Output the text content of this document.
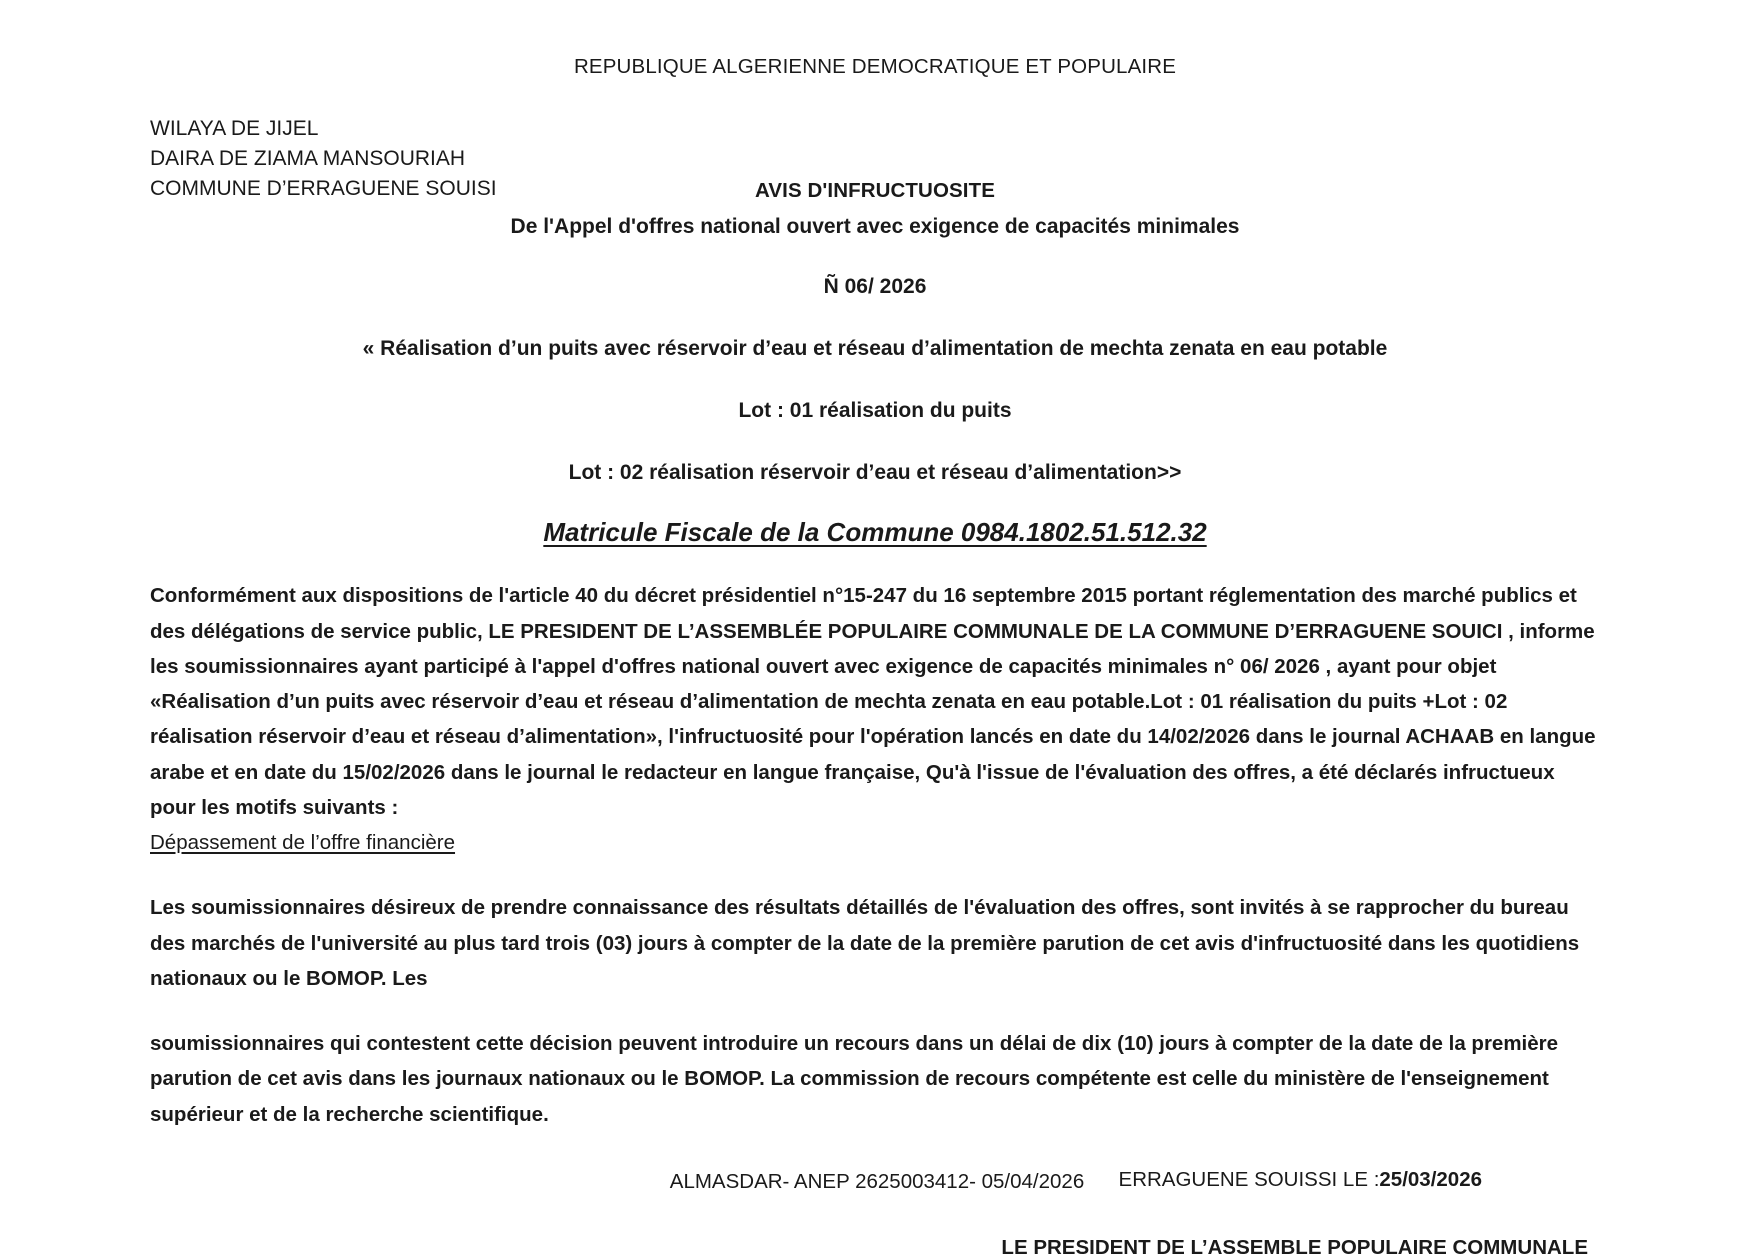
REPUBLIQUE ALGERIENNE DEMOCRATIQUE ET POPULAIRE
WILAYA DE JIJEL
DAIRA DE ZIAMA MANSOURIAH
COMMUNE D’ERRAGUENE SOUISI	AVIS D'INFRUCTUOSITE
De l'Appel d'offres national ouvert avec exigence de capacités minimales
Ñ 06/ 2026
« Réalisation d’un puits avec réservoir d’eau et réseau d’alimentation de mechta zenata en eau potable
Lot : 01 réalisation du puits
Lot : 02 réalisation réservoir d’eau et réseau d’alimentation>>
Matricule Fiscale de la Commune 0984.1802.51.512.32
Conformément aux dispositions de l'article 40 du décret présidentiel n°15-247 du 16 septembre 2015 portant réglementation des marché publics et des délégations de service public, LE PRESIDENT DE L’ASSEMBLÉE POPULAIRE COMMUNALE DE LA COMMUNE D’ERRAGUENE SOUICI , informe les soumissionnaires ayant participé à l'appel d'offres national ouvert avec exigence de capacités minimales n° 06/ 2026 , ayant pour objet «Réalisation d’un puits avec réservoir d’eau et réseau d’alimentation de mechta zenata en eau potable.Lot : 01 réalisation du puits +Lot : 02 réalisation réservoir d’eau et réseau d’alimentation», l'infructuosité pour l'opération lancés en date du 14/02/2026 dans le journal ACHAAB en langue arabe et en date du 15/02/2026 dans le journal le redacteur en langue française, Qu'à l'issue de l'évaluation des offres, a été déclarés infructueux pour les motifs suivants :
Dépassement de l’offre financière
Les soumissionnaires désireux de prendre connaissance des résultats détaillés de l'évaluation des offres, sont invités à se rapprocher du bureau des marchés de l'université au plus tard trois (03) jours à compter de la date de la première parution de cet avis d'infructuosité dans les quotidiens nationaux ou le BOMOP. Les
soumissionnaires qui contestent cette décision peuvent introduire un recours dans un délai de dix (10) jours à compter de la date de la première parution de cet avis dans les journaux nationaux ou le BOMOP. La commission de recours compétente est celle du ministère de l'enseignement supérieur et de la recherche scientifique.
ERRAGUENE SOUISSI LE :25/03/2026
LE PRESIDENT DE L’ASSEMBLE POPULAIRE COMMUNALE
ALMASDAR- ANEP 2625003412- 05/04/2026
